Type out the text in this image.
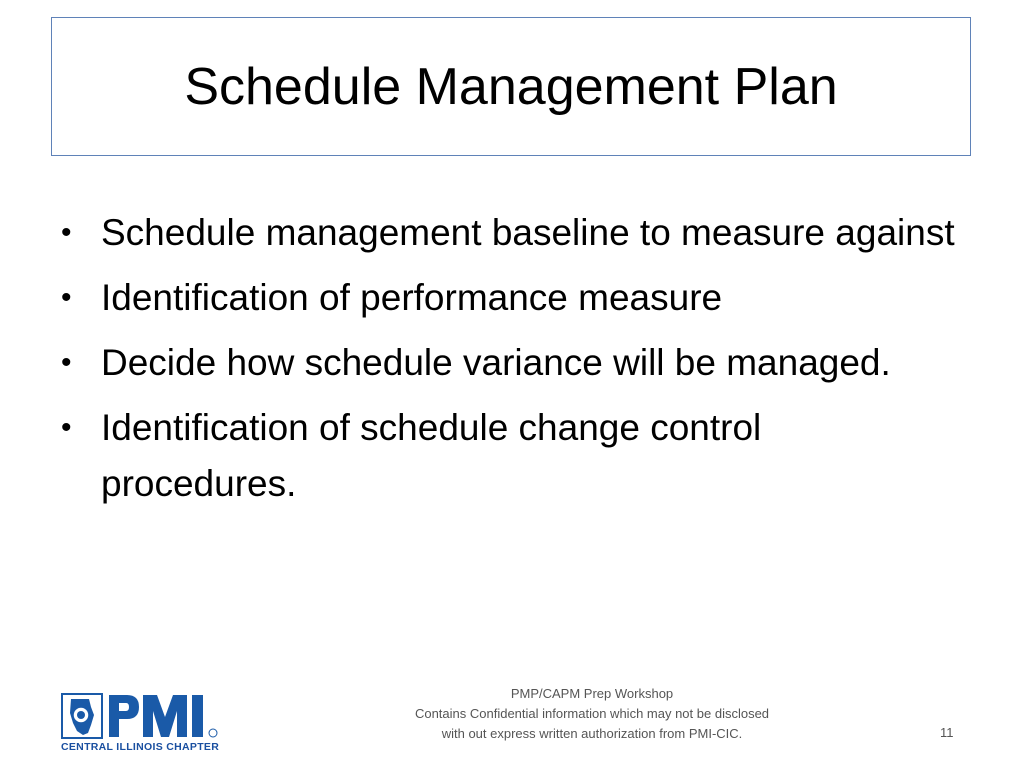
Schedule Management Plan
• Schedule management baseline to measure against
• Identification of performance measure
• Decide how schedule variance will be managed.
• Identification of schedule change control procedures.
CENTRAL ILLINOIS CHAPTER
PMP/CAPM Prep Workshop
Contains Confidential information which may not be disclosed
with out express written authorization from PMI-CIC.	11
